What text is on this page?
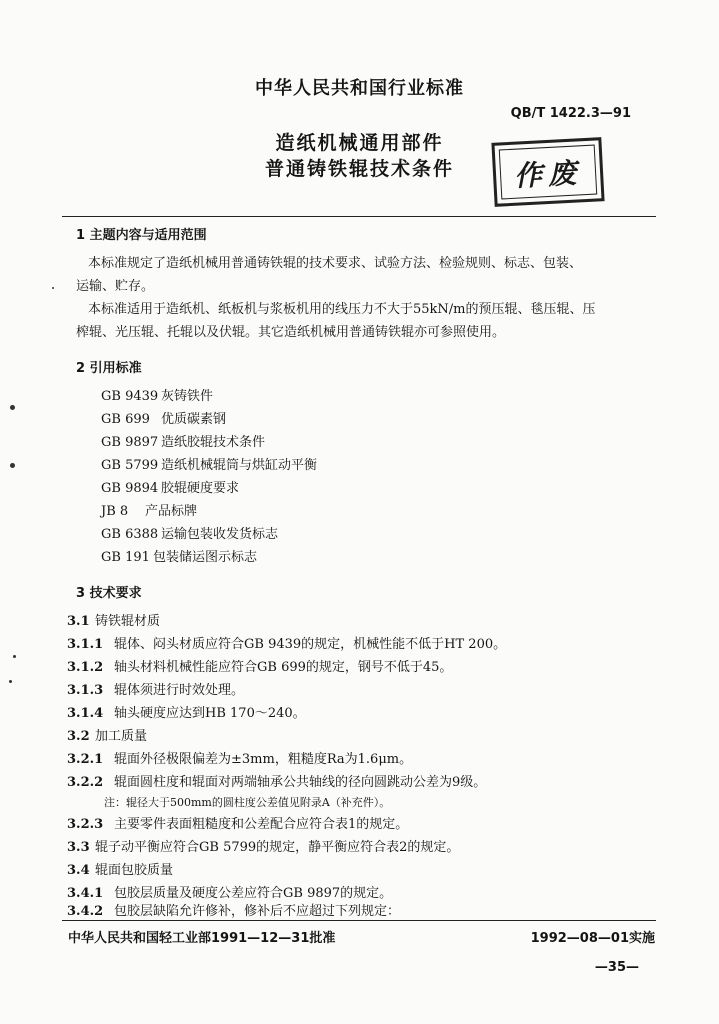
中华人民共和国行业标准
QB/T 1422.3—91
造纸机械通用部件
普通铸铁辊技术条件	作废
1 主题内容与适用范围
本标准规定了造纸机械用普通铸铁辊的技术要求、试验方法、检验规则、标志、包装、
运输、贮存。
本标准适用于造纸机、纸板机与浆板机用的线压力不大于55kN/m的预压辊、毯压辊、压
榨辊、光压辊、托辊以及伏辊。其它造纸机械用普通铸铁辊亦可参照使用。
2 引用标准
GB 9439 灰铸铁件
GB 699 优质碳素钢
GB 9897 造纸胶辊技术条件
GB 5799 造纸机械辊筒与烘缸动平衡
GB 9894 胶辊硬度要求
JB 8 产品标牌
GB 6388 运输包装收发货标志
GB 191 包装储运图示标志
3 技术要求
3.1 铸铁辊材质
3.1.1 辊体、闷头材质应符合GB 9439的规定，机械性能不低于HT 200。
3.1.2 轴头材料机械性能应符合GB 699的规定，钢号不低于45。
3.1.3 辊体须进行时效处理。
3.1.4 轴头硬度应达到HB 170～240。
3.2 加工质量
3.2.1 辊面外径极限偏差为±3mm，粗糙度Ra为1.6μm。
3.2.2 辊面圆柱度和辊面对两端轴承公共轴线的径向圆跳动公差为9级。
注：辊径大于500mm的圆柱度公差值见附录A（补充件）。
3.2.3 主要零件表面粗糙度和公差配合应符合表1的规定。
3.3 辊子动平衡应符合GB 5799的规定，静平衡应符合表2的规定。
3.4 辊面包胶质量
3.4.1 包胶层质量及硬度公差应符合GB 9897的规定。
3.4.2 包胶层缺陷允许修补，修补后不应超过下列规定：
中华人民共和国轻工业部1991—12—31批准	1992—08—01实施
—35—
